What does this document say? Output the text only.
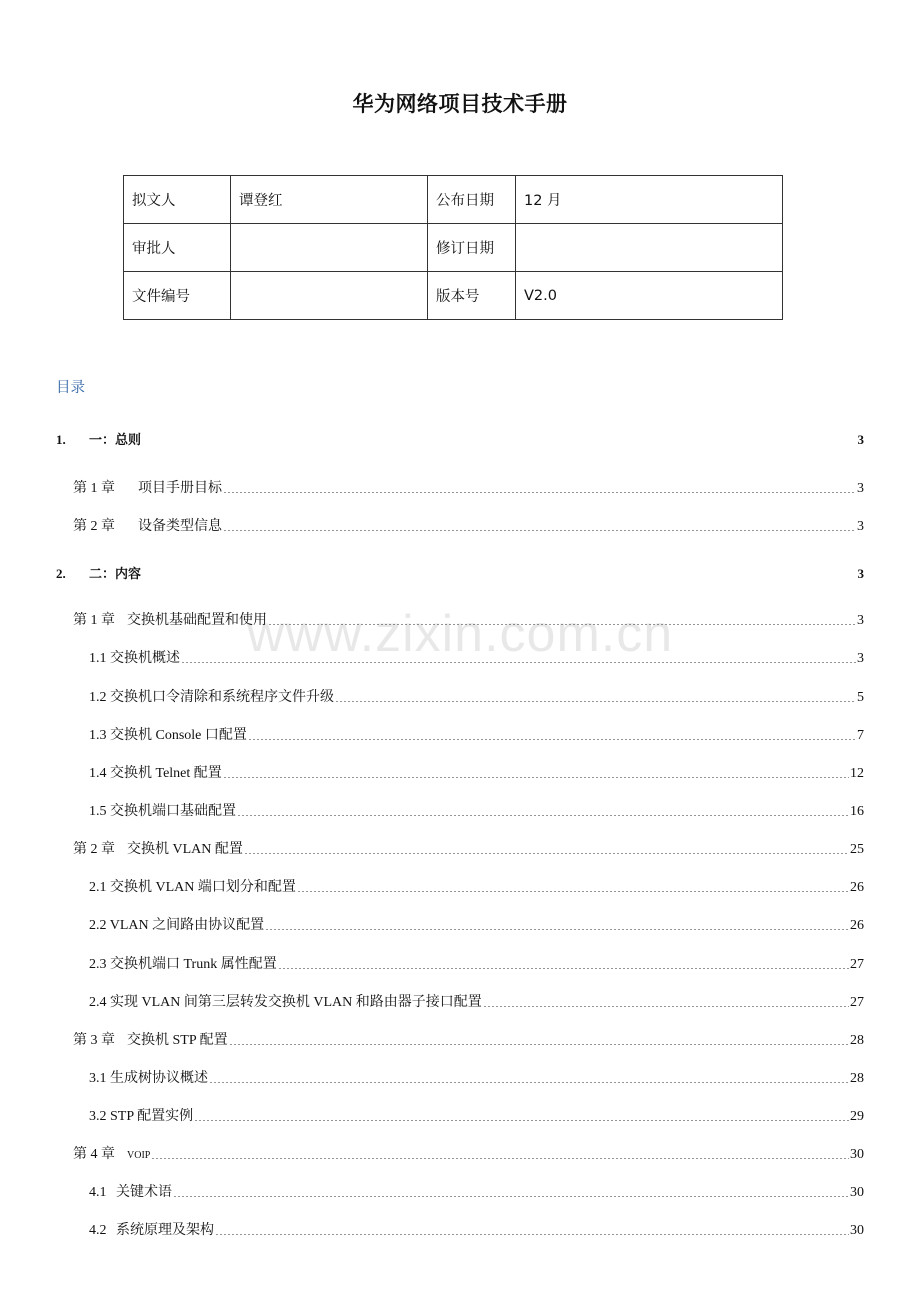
华为网络项目技术手册
拟文人	谭登红	公布日期	12 月
审批人		修订日期	
文件编号		版本号	V2.0
目录
www.zixin.com.cn
1.	一：总则	3
第 1 章	项目手册目标	3
第 2 章	设备类型信息	3
2.	二：内容	3
第 1 章 交换机基础配置和使用	3
1.1 交换机概述	3
1.2 交换机口令清除和系统程序文件升级	5
1.3 交换机 Console 口配置	7
1.4 交换机 Telnet 配置	12
1.5 交换机端口基础配置	16
第 2 章 交换机 VLAN 配置	25
2.1 交换机 VLAN 端口划分和配置	26
2.2 VLAN 之间路由协议配置	26
2.3 交换机端口 Trunk 属性配置	27
2.4 实现 VLAN 间第三层转发交换机 VLAN 和路由器子接口配置	27
第 3 章 交换机 STP 配置	28
3.1 生成树协议概述	28
3.2 STP 配置实例	29
第 4 章	VOIP	30
4.1 关键术语	30
4.2 系统原理及架构	30
